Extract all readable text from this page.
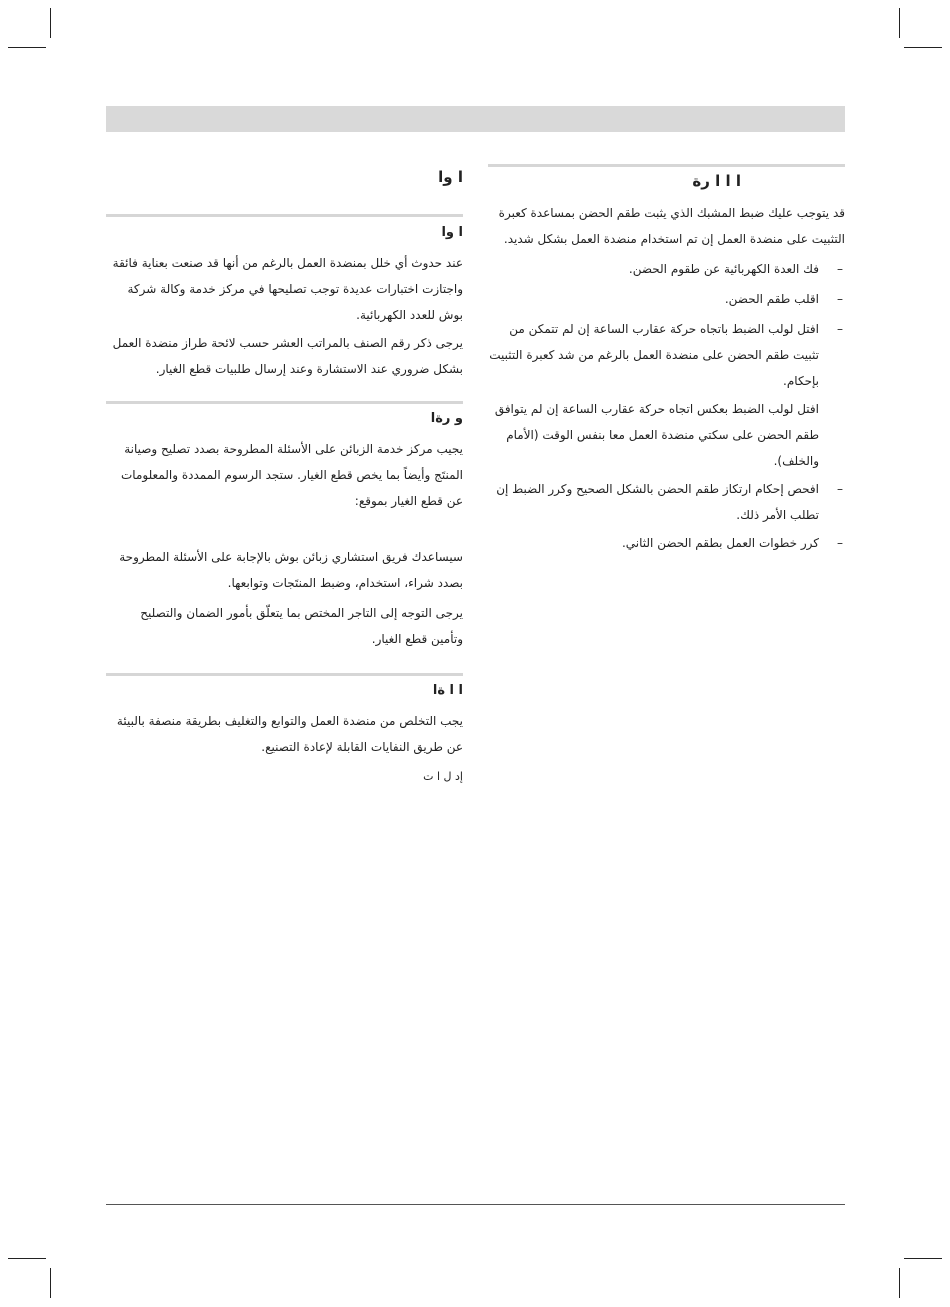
ا ا ا رة

قد يتوجب عليك ضبط المشبك الذي يثبت طقم الحضن بمساعدة كعبرة التثبيت على منضدة العمل إن تم استخدام منضدة العمل بشكل شديد.

–
فك العدة الكهربائية عن طقوم الحضن.

–
اقلب طقم الحضن.

–
افتل لولب الضبط باتجاه حركة عقارب الساعة إن لم تتمكن من تثبيت طقم الحضن على منضدة العمل بالرغم من شد كعبرة التثبيت بإحكام.

افتل لولب الضبط بعكس اتجاه حركة عقارب الساعة إن لم يتوافق طقم الحضن على سكتي منضدة العمل معا بنفس الوقت (الأمام والخلف).

–
افحص إحكام ارتكاز طقم الحضن بالشكل الصحيح وكرر الضبط إن تطلب الأمر ذلك.

–
كرر خطوات العمل بطقم الحضن الثاني.

ا وا
ا وا

عند حدوث أي خلل بمنضدة العمل بالرغم من أنها قد صنعت بعناية فائقة واجتازت اختبارات عديدة توجب تصليحها في مركز خدمة وكالة شركة بوش للعدد الكهربائية.

يرجى ذكر رقم الصنف بالمراتب العشر حسب لائحة طراز منضدة العمل بشكل ضروري عند الاستشارة وعند إرسال طلبيات قطع الغيار.

و رةا

يجيب مركز خدمة الزبائن على الأسئلة المطروحة بصدد تصليح وصيانة المنتَج وأيضاً بما يخص قطع الغيار. ستجد الرسوم الممددة والمعلومات عن قطع الغيار بموقع:

سيساعدك فريق استشاري زبائن بوش بالإجابة على الأسئلة المطروحة بصدد شراء، استخدام، وضبط المنتَجات وتوابعها.

يرجى التوجه إلى التاجر المختص بما يتعلّق بأمور الضمان والتصليح وتأمين قطع الغيار.

ا ا ةا

يجب التخلص من منضدة العمل والتوابع والتغليف بطريقة منصفة بالبيئة عن طريق النفايات القابلة لإعادة التصنيع.

إد ل ا ت
